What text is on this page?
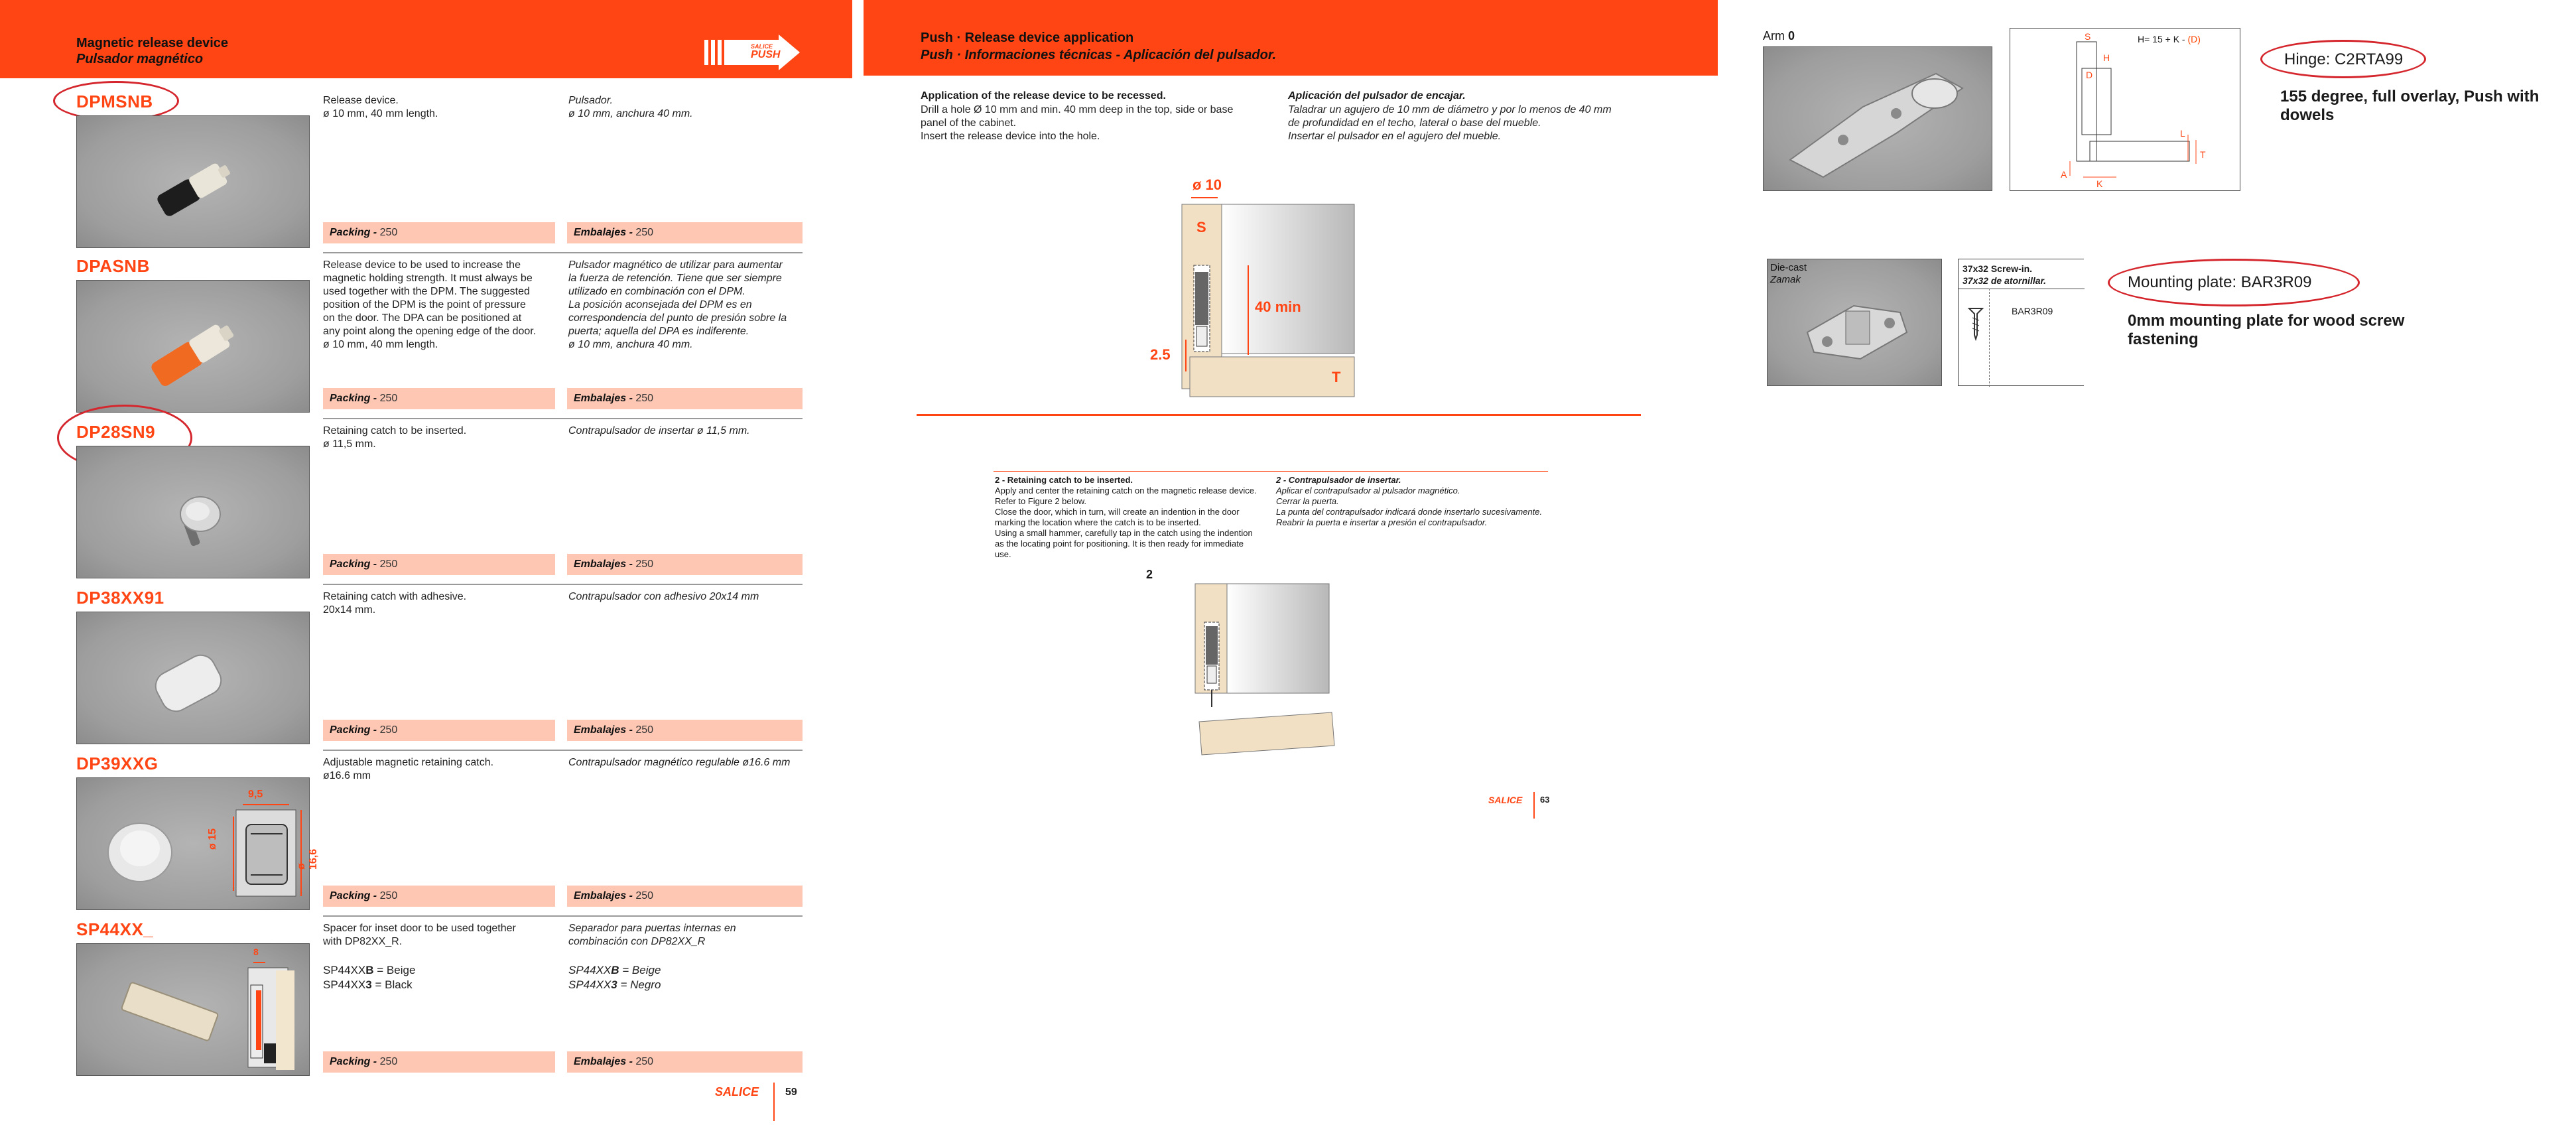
Magnetic release device
Pulsador magnético
SALICE
PUSH
DPMSNB	Release device.
ø 10 mm, 40 mm length.
Pulsador.
ø 10 mm, anchura 40 mm.
Packing - 250	Embalajes - 250
DPASNB	Release device to be used to increase the
magnetic holding strength. It must always be
used together with the DPM. The suggested
position of the DPM is the point of pressure
on the door. The DPA can be positioned at
any point along the opening edge of the door.
ø 10 mm, 40 mm length.
Pulsador magnético de utilizar para aumentar
la fuerza de retención. Tiene que ser siempre
utilizado en combinación con el DPM.
La posición aconsejada del DPM es en
correspondencia del punto de presión sobre la
puerta; aquella del DPA es indiferente.
ø 10 mm, anchura 40 mm.
Packing - 250	Embalajes - 250
DP28SN9	Retaining catch to be inserted.
ø 11,5 mm.
Contrapulsador de insertar ø 11,5 mm.
Packing - 250	Embalajes - 250
DP38XX91	Retaining catch with adhesive.
20x14 mm.
Contrapulsador con adhesivo 20x14 mm
Packing - 250	Embalajes - 250
DP39XXG
9,5
ø 15
ø 16,6
Adjustable magnetic retaining catch.
ø16.6 mm
Contrapulsador magnético regulable ø16.6 mm
Packing - 250	Embalajes - 250
SP44XX_
8
Spacer for inset door to be used together
with DP82XX_R.
Separador para puertas internas en
combinación con DP82XX_R
SP44XXB = Beige
SP44XX3 = Black
SP44XXB = Beige
SP44XX3 = Negro
Packing - 250	Embalajes - 250
SALICE 59
Push · Release device application
Push · Informaciones técnicas - Aplicación del pulsador.
Application of the release device to be recessed.
Drill a hole Ø 10 mm and min. 40 mm deep in the top, side or base
panel of the cabinet.
Insert the release device into the hole.
Aplicación del pulsador de encajar.
Taladrar un agujero de 10 mm de diámetro y por lo menos de 40 mm
de profundidad en el techo, lateral o base del mueble.
Insertar el pulsador en el agujero del mueble.
ø 10
S
40 min
2.5
T
2 - Retaining catch to be inserted.
Apply and center the retaining catch on the magnetic release device.
Refer to Figure 2 below.
Close the door, which in turn, will create an indention in the door
marking the location where the catch is to be inserted.
Using a small hammer, carefully tap in the catch using the indention
as the locating point for positioning. It is then ready for immediate
use.
2 - Contrapulsador de insertar.
Aplicar el contrapulsador al pulsador magnético.
Cerrar la puerta.
La punta del contrapulsador indicará donde insertarlo sucesivamente.
Reabrir la puerta e insertar a presión el contrapulsador.
2
SALICE 63
Arm 0	H= 15 + K - (D)
S
H
D
L
T
A
K
Hinge: C2RTA99
155 degree, full overlay, Push with
dowels
Die-cast
Zamak
37x32 Screw-in.
37x32 de atornillar.
BAR3R09
Mounting plate: BAR3R09
0mm mounting plate for wood screw
fastening
